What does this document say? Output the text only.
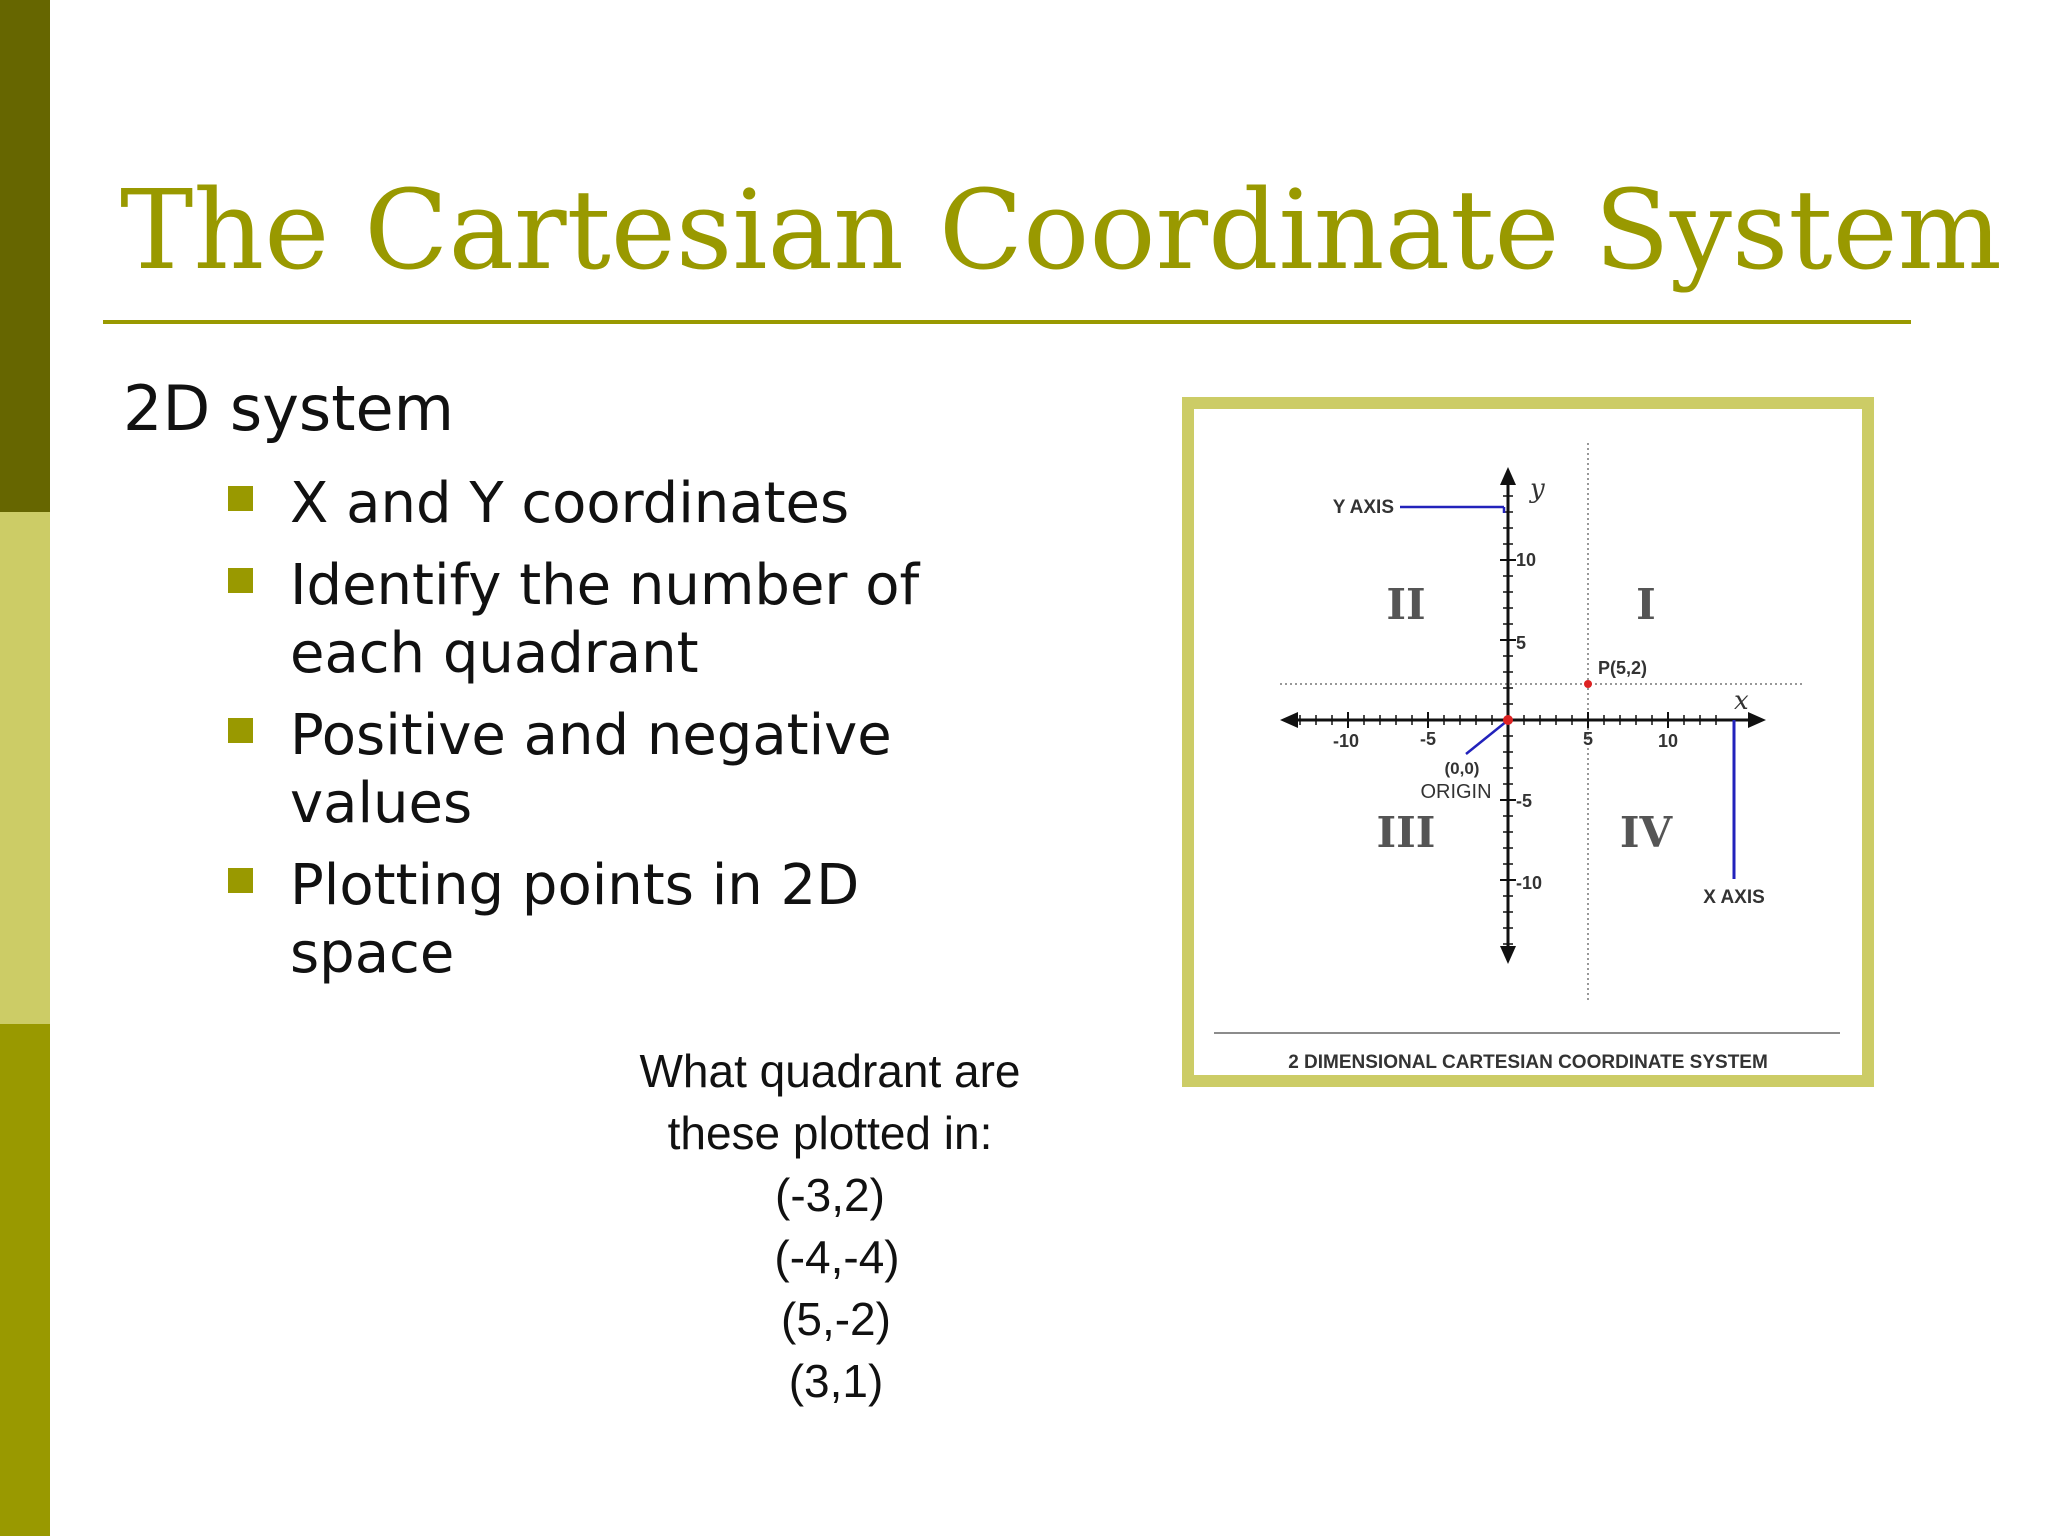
The Cartesian Coordinate System
2D system
X and Y coordinates
Identify the number of each quadrant
Positive and negative values
Plotting points in 2D space
What quadrant are
these plotted in:
(-3,2)
(-4,-4)
(5,-2)
(3,1)
Y AXIS
X AXIS
y
x
I
II
III	IV
10
5
-5
-10
-10	-5	5	10
(0,0)
ORIGIN
P(5,2)
2 DIMENSIONAL CARTESIAN COORDINATE SYSTEM
